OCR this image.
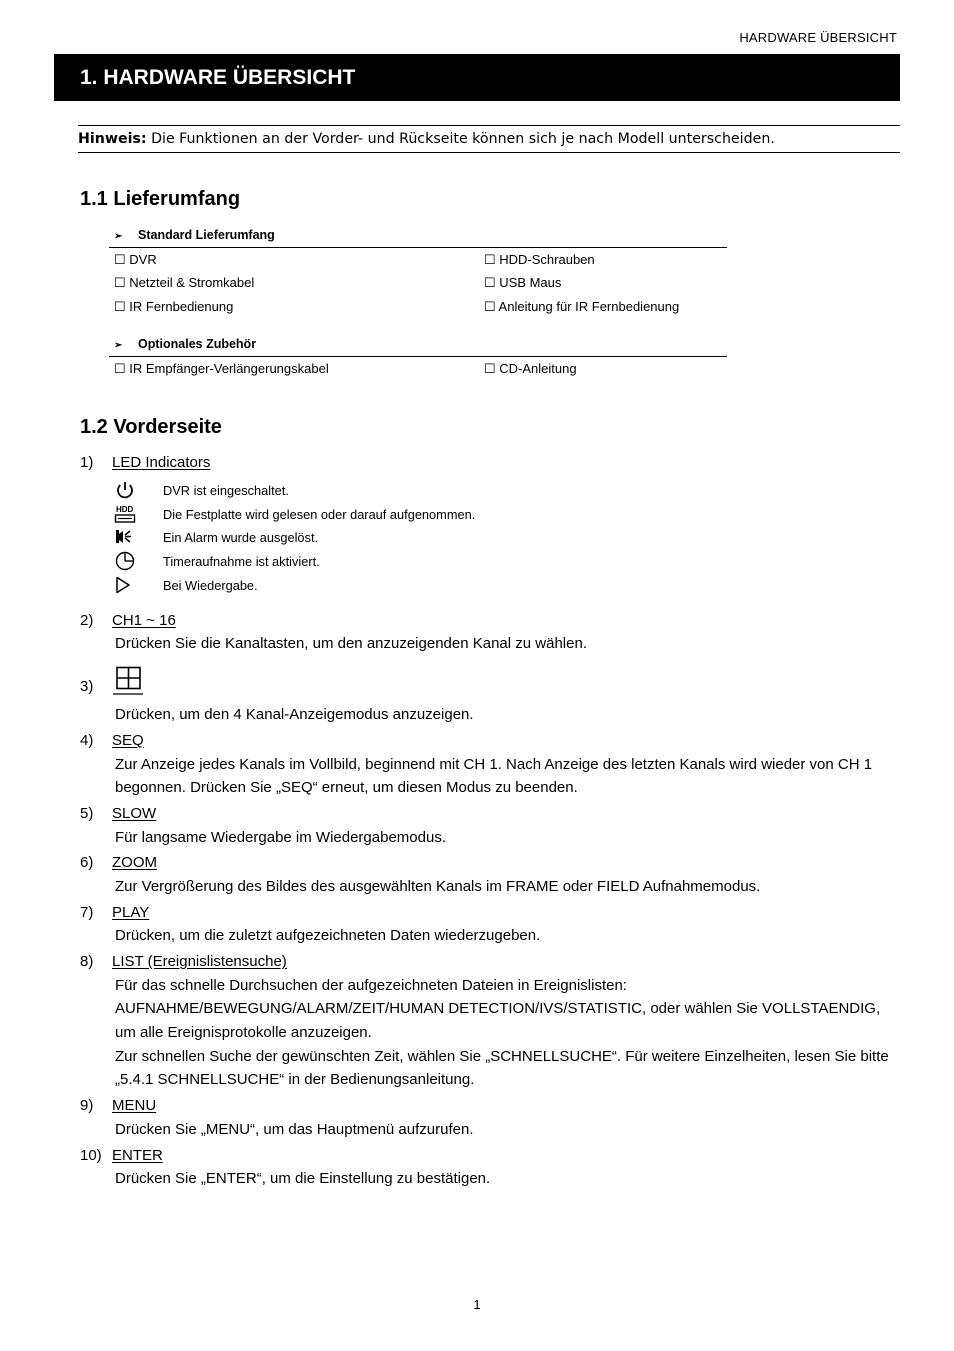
HARDWARE ÜBERSICHT
1. HARDWARE ÜBERSICHT
Hinweis: Die Funktionen an der Vorder- und Rückseite können sich je nach Modell unterscheiden.
1.1 Lieferumfang
➢ Standard Lieferumfang
☐ DVR
☐ Netzteil & Stromkabel
☐ IR Fernbedienung
☐ HDD-Schrauben
☐ USB Maus
☐ Anleitung für IR Fernbedienung
➢ Optionales Zubehör
☐ IR Empfänger-Verlängerungskabel	☐ CD-Anleitung
1.2 Vorderseite
1) LED Indicators
DVR ist eingeschaltet.
HDD Die Festplatte wird gelesen oder darauf aufgenommen.
Ein Alarm wurde ausgelöst.
Timeraufnahme ist aktiviert.
Bei Wiedergabe.
2) CH1 ~ 16
Drücken Sie die Kanaltasten, um den anzuzeigenden Kanal zu wählen.
3)
Drücken, um den 4 Kanal-Anzeigemodus anzuzeigen.
4) SEQ
Zur Anzeige jedes Kanals im Vollbild, beginnend mit CH 1. Nach Anzeige des letzten Kanals wird wieder von CH 1 begonnen. Drücken Sie „SEQ“ erneut, um diesen Modus zu beenden.
5) SLOW
Für langsame Wiedergabe im Wiedergabemodus.
6) ZOOM
Zur Vergrößerung des Bildes des ausgewählten Kanals im FRAME oder FIELD Aufnahmemodus.
7) PLAY
Drücken, um die zuletzt aufgezeichneten Daten wiederzugeben.
8) LIST (Ereignislistensuche)
Für das schnelle Durchsuchen der aufgezeichneten Dateien in Ereignislisten: AUFNAHME/BEWEGUNG/ALARM/ZEIT/HUMAN DETECTION/IVS/STATISTIC, oder wählen Sie VOLLSTAENDIG, um alle Ereignisprotokolle anzuzeigen.
Zur schnellen Suche der gewünschten Zeit, wählen Sie „SCHNELLSUCHE“. Für weitere Einzelheiten, lesen Sie bitte „5.4.1 SCHNELLSUCHE“ in der Bedienungsanleitung.
9) MENU
Drücken Sie „MENU“, um das Hauptmenü aufzurufen.
10) ENTER
Drücken Sie „ENTER“, um die Einstellung zu bestätigen.
1
